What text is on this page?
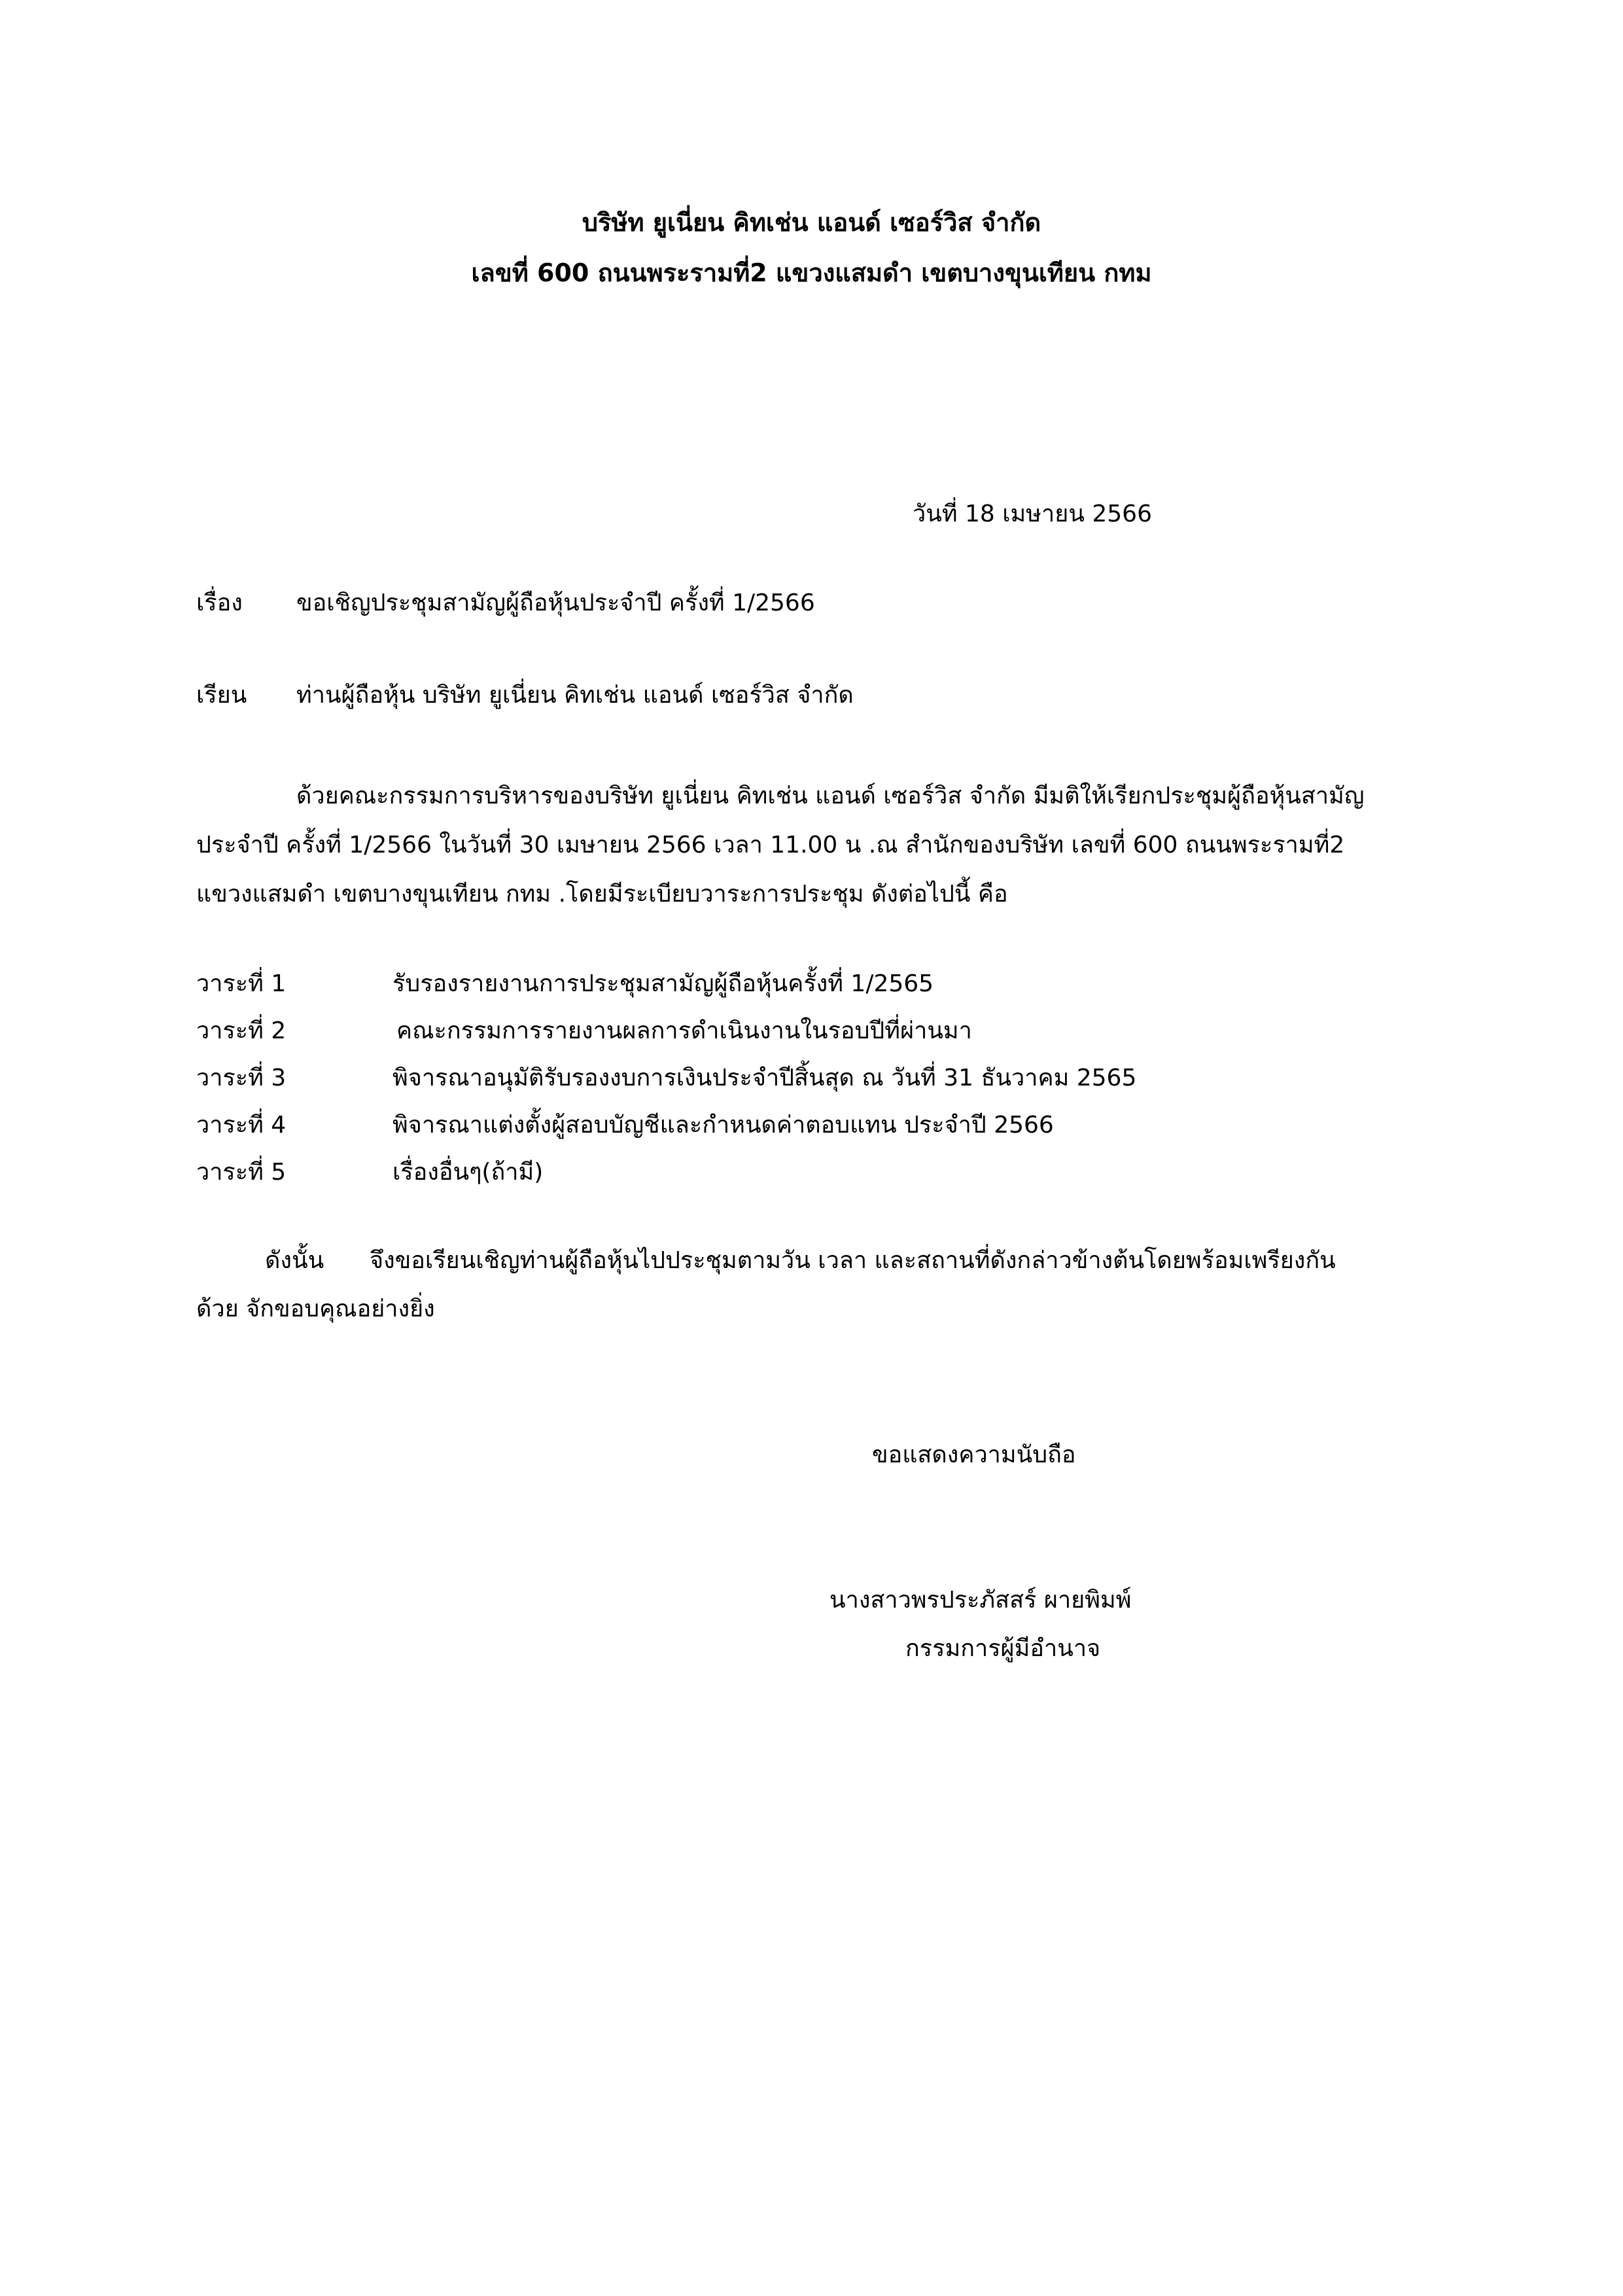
บริษัท ยูเนี่ยน คิทเช่น แอนด์ เซอร์วิส จำกัด
เลขที่ 600 ถนนพระรามที่2 แขวงแสมดำ เขตบางขุนเทียน กทม
วันที่ 18 เมษายน 2566
เรื่อง ขอเชิญประชุมสามัญผู้ถือหุ้นประจำปี ครั้งที่ 1/2566
เรียน ท่านผู้ถือหุ้น บริษัท ยูเนี่ยน คิทเช่น แอนด์ เซอร์วิส จำกัด
ด้วยคณะกรรมการบริหารของบริษัท ยูเนี่ยน คิทเช่น แอนด์ เซอร์วิส จำกัด มีมติให้เรียกประชุมผู้ถือหุ้นสามัญ
ประจำปี ครั้งที่ 1/2566 ในวันที่ 30 เมษายน 2566 เวลา 11.00 น .ณ สำนักของบริษัท เลขที่ 600 ถนนพระรามที่2
แขวงแสมดำ เขตบางขุนเทียน กทม .โดยมีระเบียบวาระการประชุม ดังต่อไปนี้ คือ
วาระที่ 1	รับรองรายงานการประชุมสามัญผู้ถือหุ้นครั้งที่ 1/2565
วาระที่ 2	คณะกรรมการรายงานผลการดำเนินงานในรอบปีที่ผ่านมา
วาระที่ 3	พิจารณาอนุมัติรับรองงบการเงินประจำปีสิ้นสุด ณ วันที่ 31 ธันวาคม 2565
วาระที่ 4	พิจารณาแต่งตั้งผู้สอบบัญชีและกำหนดค่าตอบแทน ประจำปี 2566
วาระที่ 5	เรื่องอื่นๆ(ถ้ามี)
ดังนั้น จึงขอเรียนเชิญท่านผู้ถือหุ้นไปประชุมตามวัน เวลา และสถานที่ดังกล่าวข้างต้นโดยพร้อมเพรียงกัน
ด้วย จักขอบคุณอย่างยิ่ง
ขอแสดงความนับถือ
นางสาวพรประภัสสร์ ผายพิมพ์
กรรมการผู้มีอำนาจ
